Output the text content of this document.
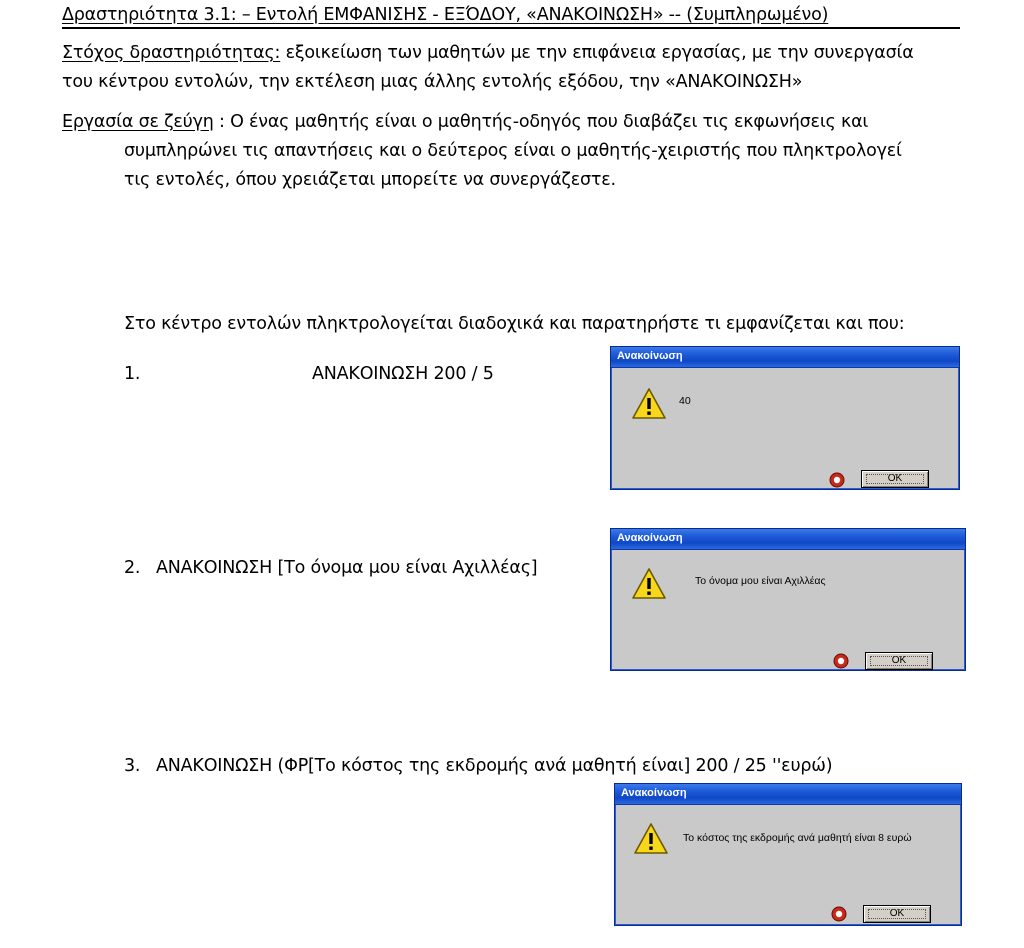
Δραστηριότητα 3.1: – Εντολή ΕΜΦΑΝΙΣΗΣ - ΕΞΌΔΟΥ, «ΑΝΑΚΟΙΝΩΣΗ» -- (Συμπληρωμένο)
Στόχος δραστηριότητας: εξοικείωση των μαθητών με την επιφάνεια εργασίας, με την συνεργασία
του κέντρου εντολών, την εκτέλεση μιας άλλης εντολής εξόδου, την «ΑΝΑΚΟΙΝΩΣΗ»
Εργασία σε ζεύγη : Ο ένας μαθητής είναι ο μαθητής-οδηγός που διαβάζει τις εκφωνήσεις και
συμπληρώνει τις απαντήσεις και ο δεύτερος είναι ο μαθητής-χειριστής που πληκτρολογεί
τις εντολές, όπου χρειάζεται μπορείτε να συνεργάζεστε.
Στο κέντρο εντολών πληκτρολογείται διαδοχικά και παρατηρήστε τι εμφανίζεται και που:
1.	ΑΝΑΚΟΙΝΩΣΗ 200 / 5
2. ΑΝΑΚΟΙΝΩΣΗ [Το όνομα μου είναι Αχιλλέας]
3. ΑΝΑΚΟΙΝΩΣΗ (ΦΡ[Το κόστος της εκδρομής ανά μαθητή είναι] 200 / 25 ''ευρώ)
Ανακοίνωση
40
OK
Ανακοίνωση
Το όνομα μου είναι Αχιλλέας
OK
Ανακοίνωση
Το κόστος της εκδρομής ανά μαθητή είναι 8 ευρώ
OK
